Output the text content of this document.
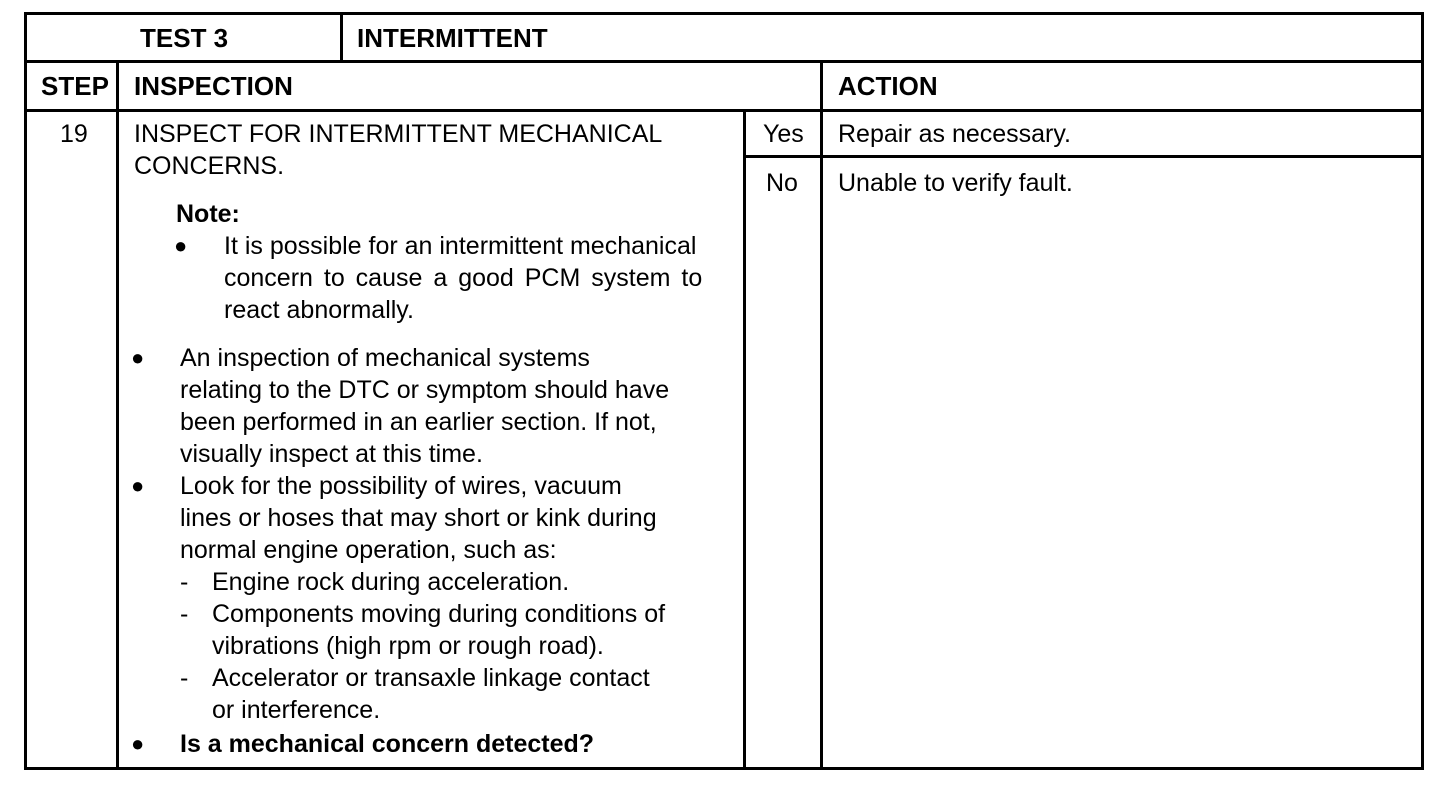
TEST 3	INTERMITTENT
STEP INSPECTION	ACTION
19 INSPECT FOR INTERMITTENT MECHANICAL
CONCERNS.
Note:
● It is possible for an intermittent mechanical
concern to cause a good PCM system to
react abnormally.
● An inspection of mechanical systems
relating to the DTC or symptom should have
been performed in an earlier section. If not,
visually inspect at this time.
● Look for the possibility of wires, vacuum
lines or hoses that may short or kink during
normal engine operation, such as:
- Engine rock during acceleration.
- Components moving during conditions of
vibrations (high rpm or rough road).
- Accelerator or transaxle linkage contact
or interference.
● Is a mechanical concern detected?
Yes Repair as necessary.
No Unable to verify fault.
